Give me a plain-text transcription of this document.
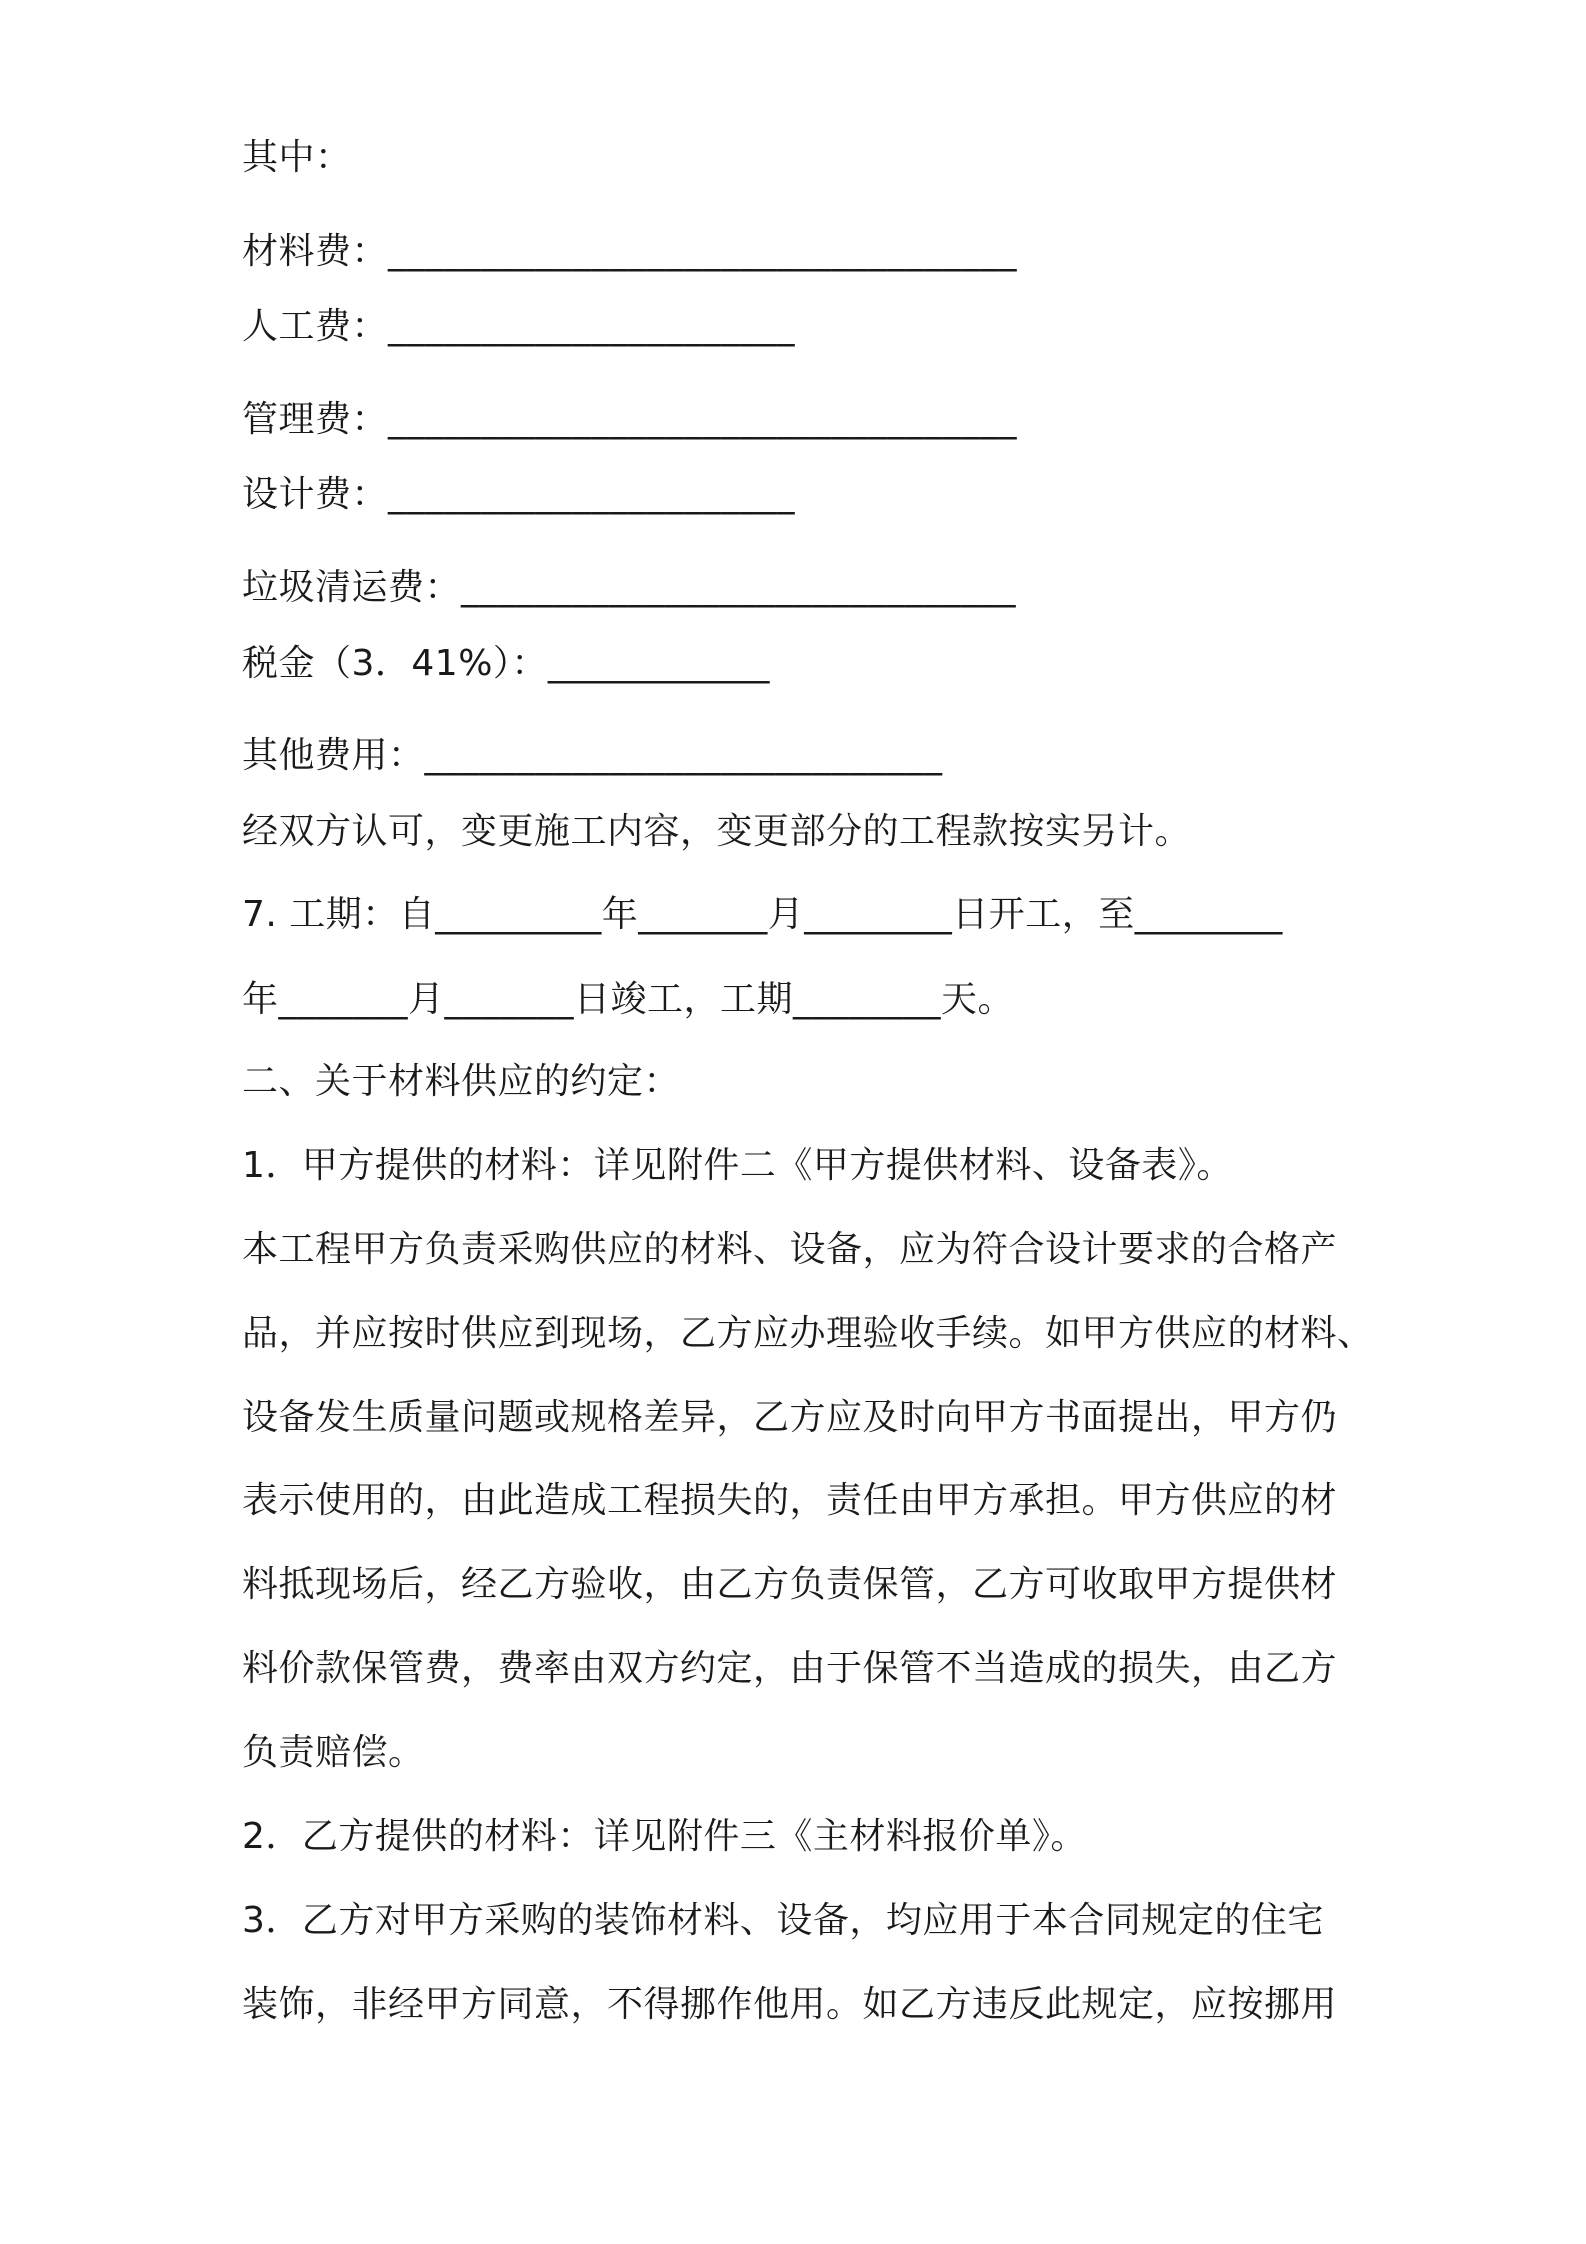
其中：
材料费：__________________________________
人工费：______________________
管理费：__________________________________
设计费：______________________
垃圾清运费：______________________________
税金（3．41%）：____________
其他费用：____________________________
经双方认可，变更施工内容，变更部分的工程款按实另计。
7. 工期：自_________年_______月________日开工，至________
年_______月_______日竣工，工期________天。
二、关于材料供应的约定：
1．甲方提供的材料：详见附件二《甲方提供材料、设备表》。
本工程甲方负责采购供应的材料、设备，应为符合设计要求的合格产
品，并应按时供应到现场，乙方应办理验收手续。如甲方供应的材料、
设备发生质量问题或规格差异，乙方应及时向甲方书面提出，甲方仍
表示使用的，由此造成工程损失的，责任由甲方承担。甲方供应的材
料抵现场后，经乙方验收，由乙方负责保管，乙方可收取甲方提供材
料价款保管费，费率由双方约定，由于保管不当造成的损失，由乙方
负责赔偿。
2．乙方提供的材料：详见附件三《主材料报价单》。
3．乙方对甲方采购的装饰材料、设备，均应用于本合同规定的住宅
装饰，非经甲方同意，不得挪作他用。如乙方违反此规定，应按挪用
